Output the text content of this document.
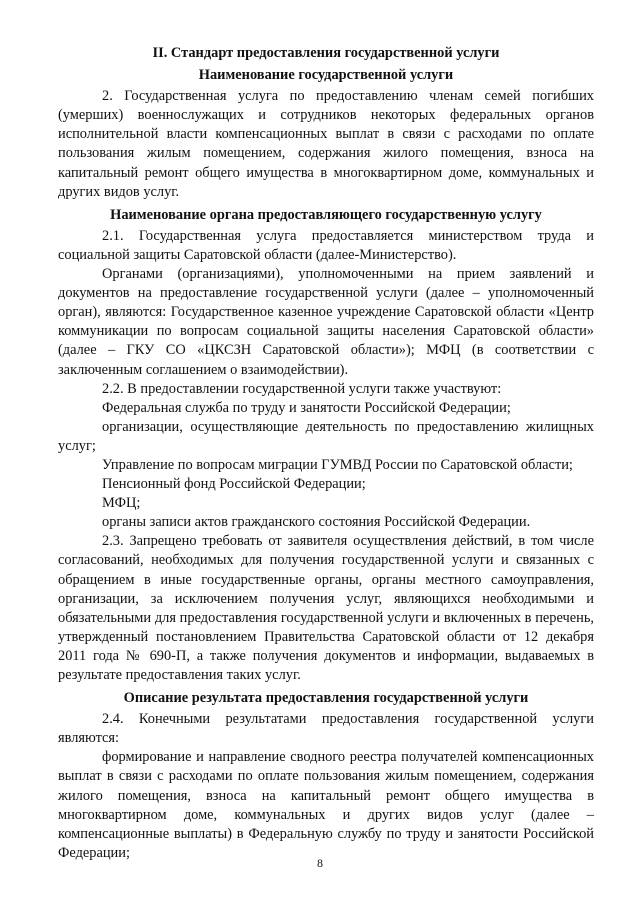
II. Стандарт предоставления государственной услуги
Наименование государственной услуги

2. Государственная услуга по предоставлению членам семей погибших (умерших) военнослужащих и сотрудников некоторых федеральных органов исполнительной власти компенсационных выплат в связи с расходами по оплате пользования жилым помещением, содержания жилого помещения, взноса на капитальный ремонт общего имущества в многоквартирном доме, коммунальных и других видов услуг.

Наименование органа предоставляющего государственную услугу

2.1. Государственная услуга предоставляется министерством труда и социальной защиты Саратовской области (далее-Министерство).

Органами (организациями), уполномоченными на прием заявлений и документов на предоставление государственной услуги (далее – уполномоченный орган), являются: Государственное казенное учреждение Саратовской области «Центр коммуникации по вопросам социальной защиты населения Саратовской области» (далее – ГКУ СО «ЦКСЗН Саратовской области»); МФЦ (в соответствии с заключенным соглашением о взаимодействии).

2.2. В предоставлении государственной услуги также участвуют:

Федеральная служба по труду и занятости Российской Федерации;

организации, осуществляющие деятельность по предоставлению жилищных услуг;

Управление по вопросам миграции ГУМВД России по Саратовской области;

Пенсионный фонд Российской Федерации;

МФЦ;

органы записи актов гражданского состояния Российской Федерации.

2.3. Запрещено требовать от заявителя осуществления действий, в том числе согласований, необходимых для получения государственной услуги и связанных с обращением в иные государственные органы, органы местного самоуправления, организации, за исключением получения услуг, являющихся необходимыми и обязательными для предоставления государственной услуги и включенных в перечень, утвержденный постановлением Правительства Саратовской области от 12 декабря 2011 года № 690-П, а также получения документов и информации, выдаваемых в результате предоставления таких услуг.

Описание результата предоставления государственной услуги

2.4. Конечными результатами предоставления государственной услуги являются:

формирование и направление сводного реестра получателей компенсационных выплат в связи с расходами по оплате пользования жилым помещением, содержания жилого помещения, взноса на капитальный ремонт общего имущества в многоквартирном доме, коммунальных и других видов услуг (далее – компенсационные выплаты) в Федеральную службу по труду и занятости Российской Федерации;

8
